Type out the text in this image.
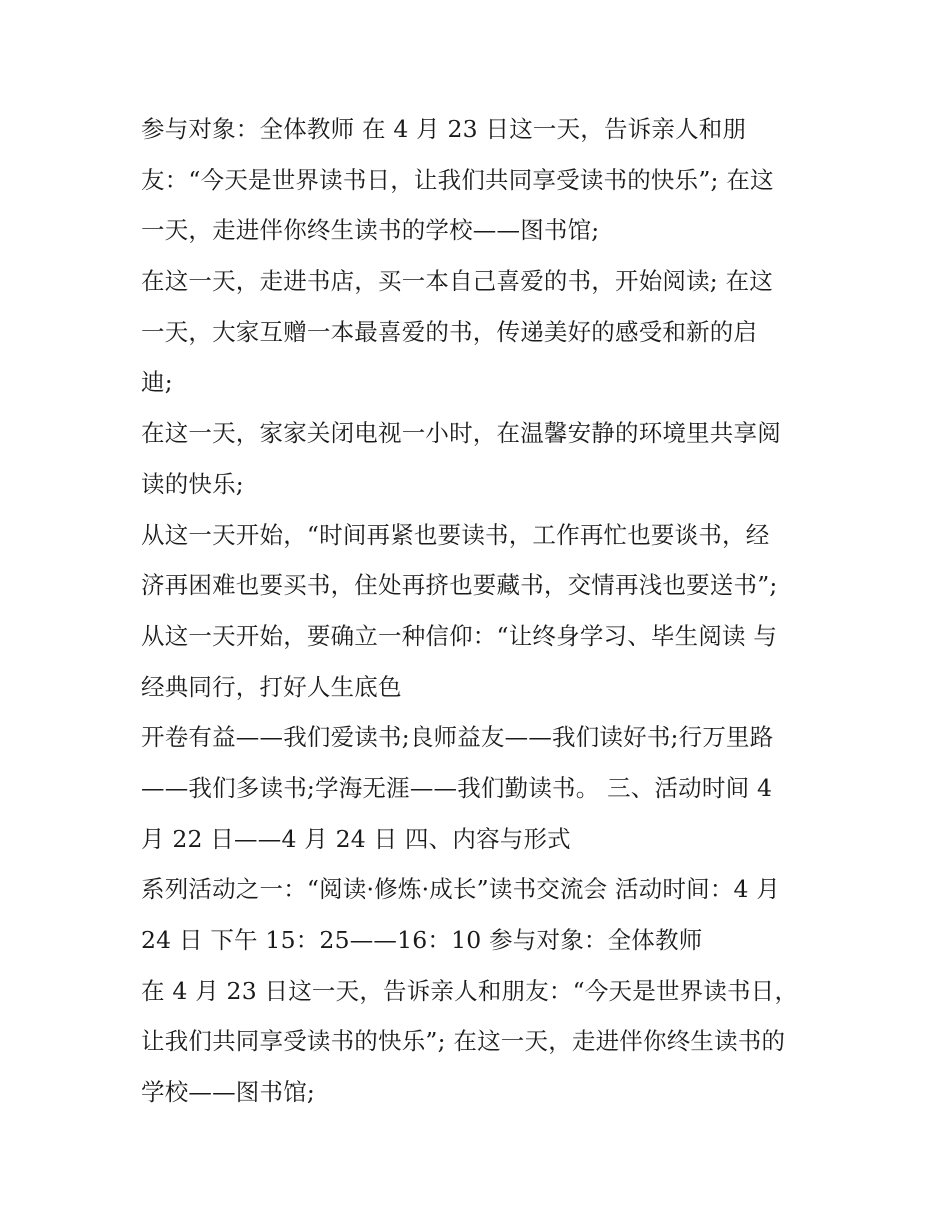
参与对象：全体教师 在 4 月 23 日这一天，告诉亲人和朋
友：“今天是世界读书日，让我们共同享受读书的快乐”; 在这
一天，走进伴你终生读书的学校——图书馆;
在这一天，走进书店，买一本自己喜爱的书，开始阅读; 在这
一天，大家互赠一本最喜爱的书，传递美好的感受和新的启
迪;
在这一天，家家关闭电视一小时，在温馨安静的环境里共享阅
读的快乐;
从这一天开始，“时间再紧也要读书，工作再忙也要谈书，经
济再困难也要买书，住处再挤也要藏书，交情再浅也要送书”;
从这一天开始，要确立一种信仰：“让终身学习、毕生阅读 与
经典同行，打好人生底色
开卷有益——我们爱读书;良师益友——我们读好书;行万里路
——我们多读书;学海无涯——我们勤读书。 三、活动时间 4
月 22 日——4 月 24 日 四、内容与形式
系列活动之一：“阅读·修炼·成长”读书交流会 活动时间：4 月
24 日 下午 15：25——16：10 参与对象：全体教师
在 4 月 23 日这一天，告诉亲人和朋友：“今天是世界读书日，
让我们共同享受读书的快乐”; 在这一天，走进伴你终生读书的
学校——图书馆;
